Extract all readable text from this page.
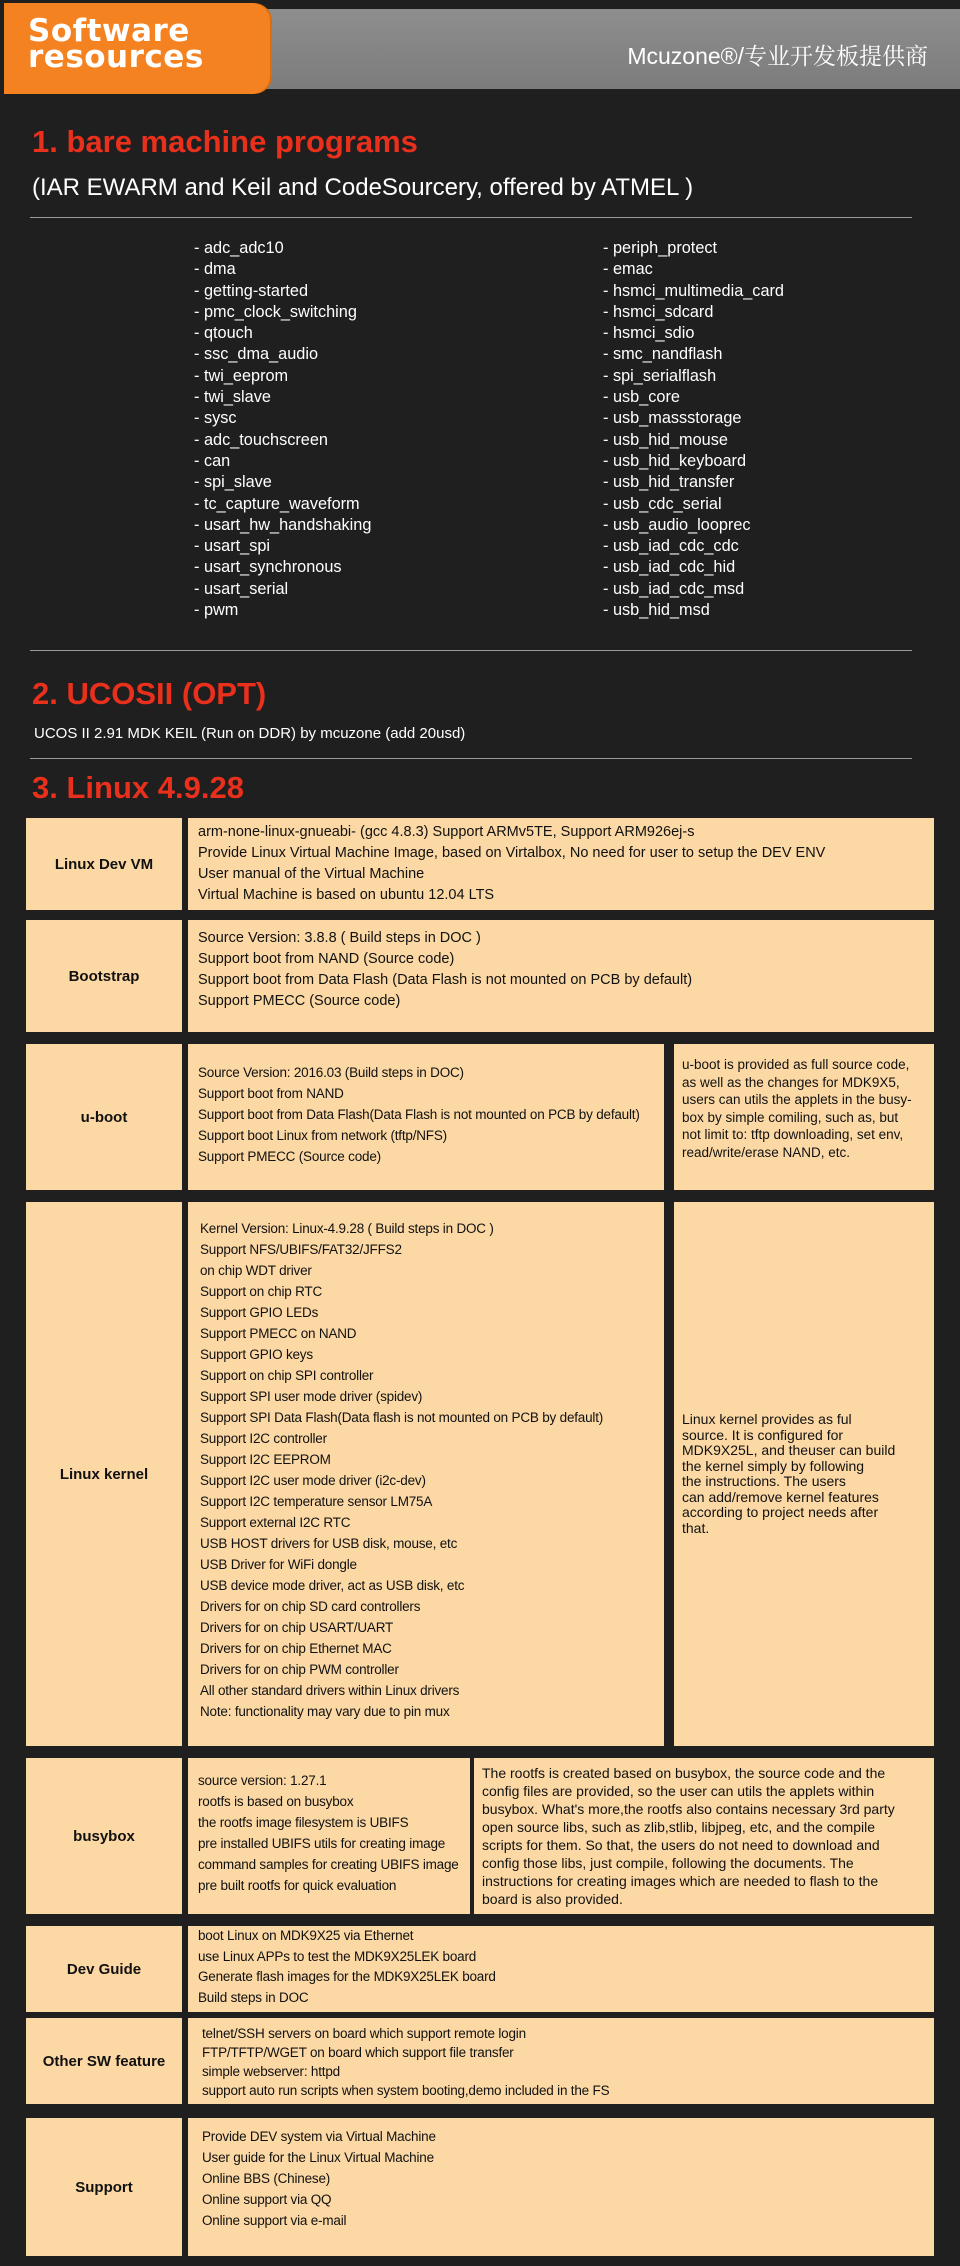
Mcuzone®/专业开发板提供商
Software
resources
1. bare machine programs
(IAR EWARM and Keil and CodeSourcery, offered by ATMEL )
- adc_adc10
- dma
- getting-started
- pmc_clock_switching
- qtouch
- ssc_dma_audio
- twi_eeprom
- twi_slave
- sysc
- adc_touchscreen
- can
- spi_slave
- tc_capture_waveform
- usart_hw_handshaking
- usart_spi
- usart_synchronous
- usart_serial
- pwm
- periph_protect
- emac
- hsmci_multimedia_card
- hsmci_sdcard
- hsmci_sdio
- smc_nandflash
- spi_serialflash
- usb_core
- usb_massstorage
- usb_hid_mouse
- usb_hid_keyboard
- usb_hid_transfer
- usb_cdc_serial
- usb_audio_looprec
- usb_iad_cdc_cdc
- usb_iad_cdc_hid
- usb_iad_cdc_msd
- usb_hid_msd
2. UCOSII (OPT)
UCOS II 2.91 MDK KEIL (Run on DDR) by mcuzone (add 20usd)
3. Linux 4.9.28
Linux Dev VM
arm-none-linux-gnueabi- (gcc 4.8.3) Support ARMv5TE, Support ARM926ej-s
Provide Linux Virtual Machine Image, based on Virtalbox, No need for user to setup the DEV ENV
User manual of the Virtual Machine
Virtual Machine is based on ubuntu 12.04 LTS
Bootstrap
Source Version: 3.8.8 ( Build steps in DOC )
Support boot from NAND (Source code)
Support boot from Data Flash (Data Flash is not mounted on PCB by default)
Support PMECC (Source code)
u-boot
Source Version: 2016.03 (Build steps in DOC)
Support boot from NAND
Support boot from Data Flash(Data Flash is not mounted on PCB by default)
Support boot Linux from network (tftp/NFS)
Support PMECC (Source code)
u-boot is provided as full source code,
as well as the changes for MDK9X5,
users can utils the applets in the busy-
box by simple comiling, such as, but
not limit to: tftp downloading, set env,
read/write/erase NAND, etc.
Linux kernel
Kernel Version: Linux-4.9.28 ( Build steps in DOC )
Support NFS/UBIFS/FAT32/JFFS2
on chip WDT driver
Support on chip RTC
Support GPIO LEDs
Support PMECC on NAND
Support GPIO keys
Support on chip SPI controller
Support SPI user mode driver (spidev)
Support SPI Data Flash(Data flash is not mounted on PCB by default)
Support I2C controller
Support I2C EEPROM
Support I2C user mode driver (i2c-dev)
Support I2C temperature sensor LM75A
Support external I2C RTC
USB HOST drivers for USB disk, mouse, etc
USB Driver for WiFi dongle
USB device mode driver, act as USB disk, etc
Drivers for on chip SD card controllers
Drivers for on chip USART/UART
Drivers for on chip Ethernet MAC
Drivers for on chip PWM controller
All other standard drivers within Linux drivers
Note: functionality may vary due to pin mux
Linux kernel provides as ful
source. It is configured for
MDK9X25L, and theuser can build
the kernel simply by following
the instructions. The users
can add/remove kernel features
according to project needs after
that.
busybox
source version: 1.27.1
rootfs is based on busybox
the rootfs image filesystem is UBIFS
pre installed UBIFS utils for creating image
command samples for creating UBIFS image
pre built rootfs for quick evaluation
The rootfs is created based on busybox, the source code and the
config files are provided, so the user can utils the applets within
busybox. What's more,the rootfs also contains necessary 3rd party
open source libs, such as zlib,stlib, libjpeg, etc, and the compile
scripts for them. So that, the users do not need to download and
config those libs, just compile, following the documents. The
instructions for creating images which are needed to flash to the
board is also provided.
Dev Guide
boot Linux on MDK9X25 via Ethernet
use Linux APPs to test the MDK9X25LEK board
Generate flash images for the MDK9X25LEK board
Build steps in DOC
Other SW feature
telnet/SSH servers on board which support remote login
FTP/TFTP/WGET on board which support file transfer
simple webserver: httpd
support auto run scripts when system booting,demo included in the FS
Support
Provide DEV system via Virtual Machine
User guide for the Linux Virtual Machine
Online BBS (Chinese)
Online support via QQ
Online support via e-mail
